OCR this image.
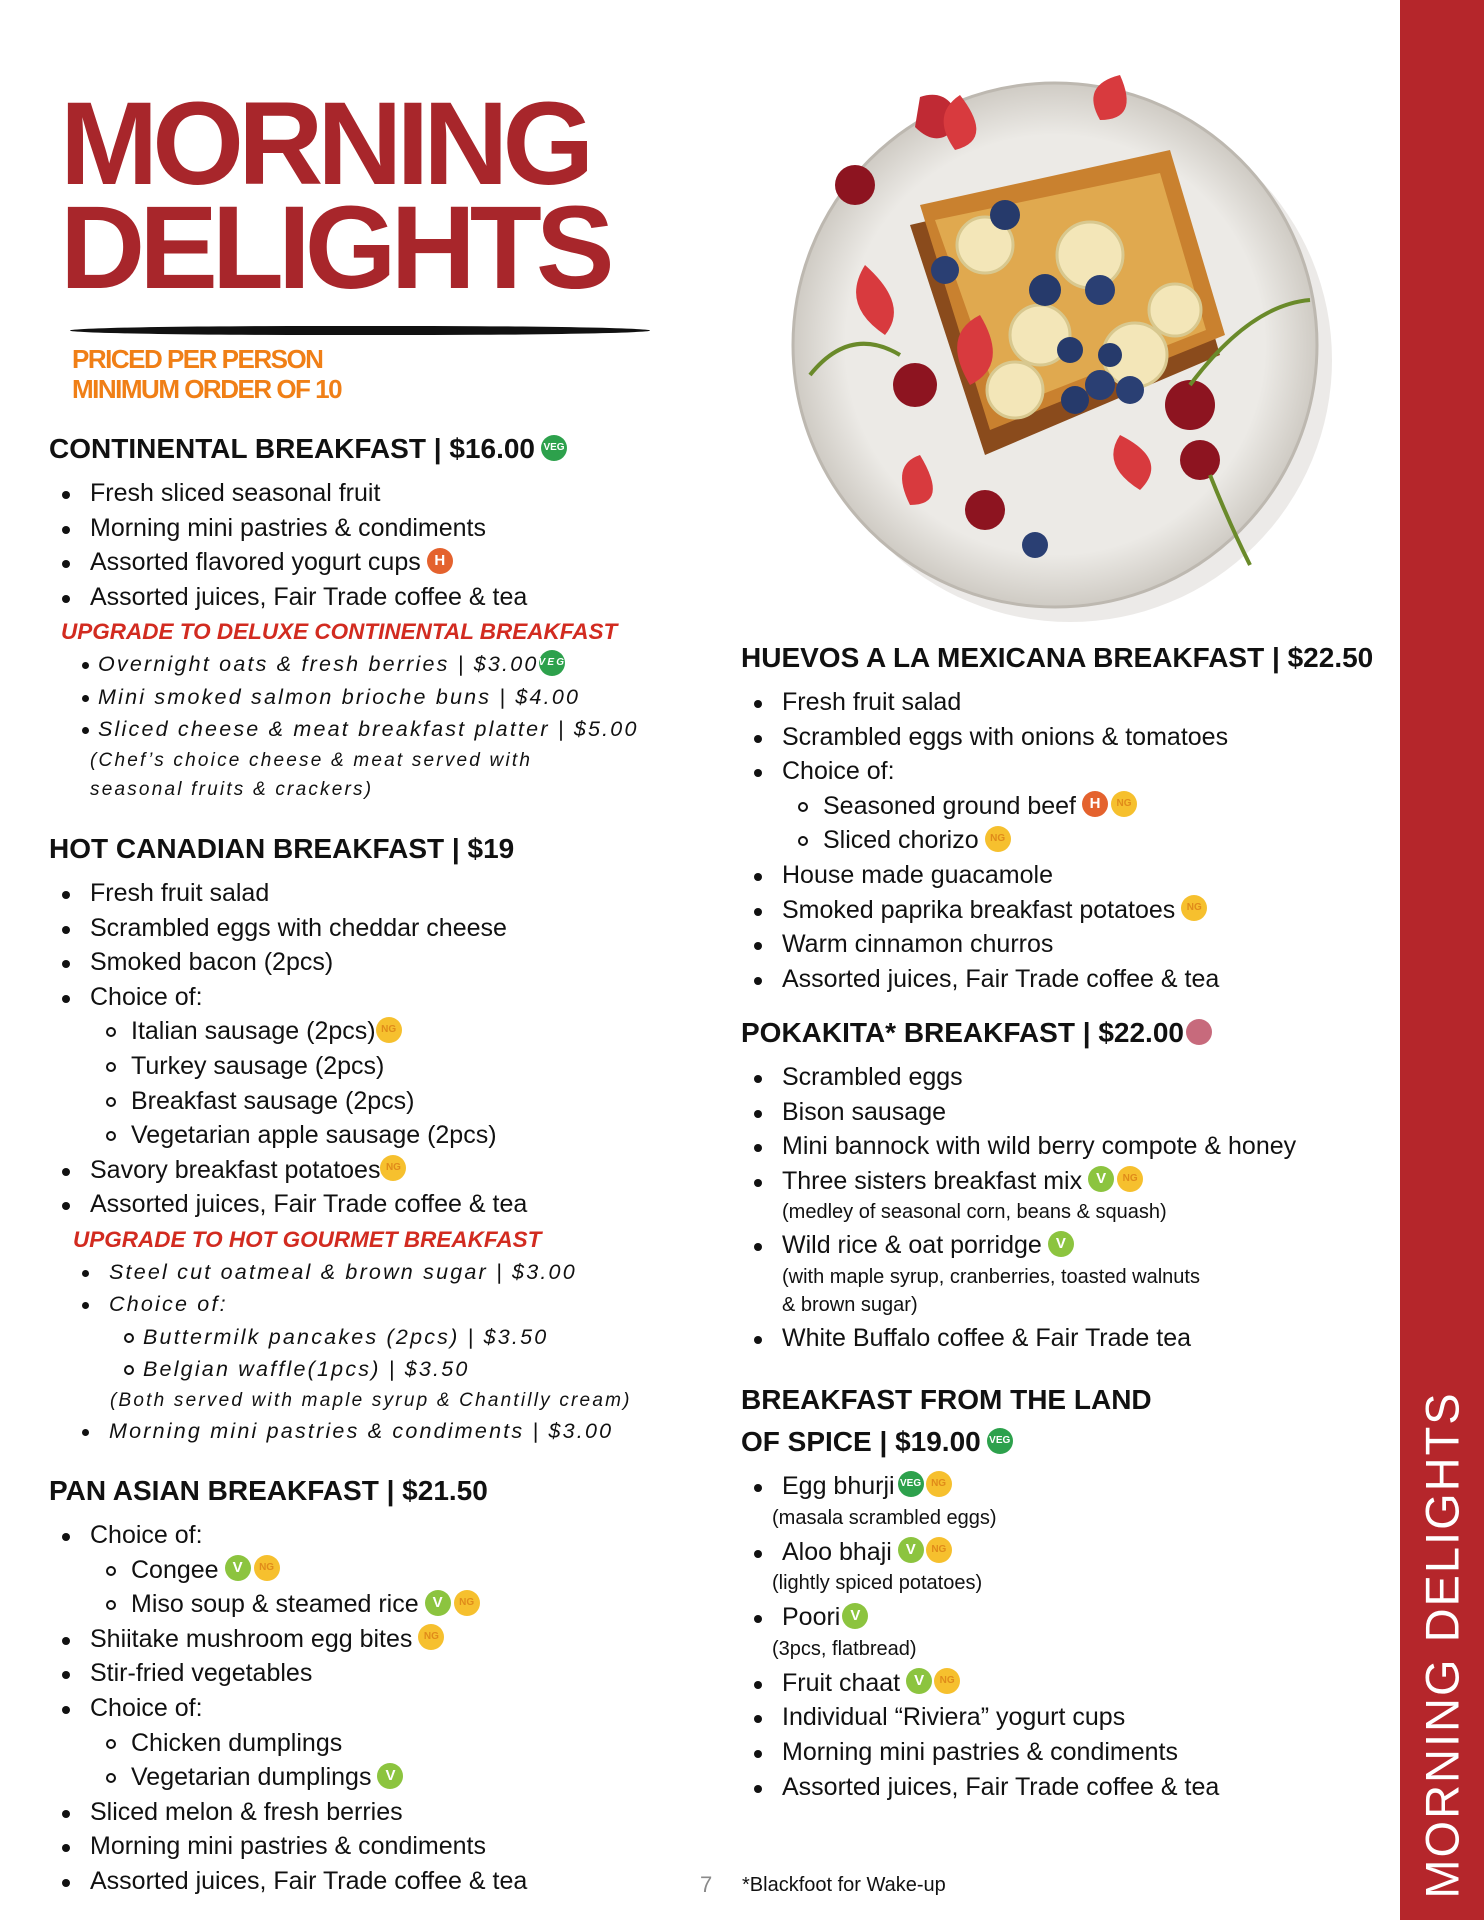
MORNING DELIGHTS
MORNING
DELIGHTS
PRICED PER PERSON
MINIMUM ORDER OF 10
CONTINENTAL BREAKFAST | $16.00 VEG
Fresh sliced seasonal fruit
Morning mini pastries & condiments
Assorted flavored yogurt cups H
Assorted juices, Fair Trade coffee & tea
UPGRADE TO DELUXE CONTINENTAL BREAKFAST
Overnight oats & fresh berries | $3.00VEG
Mini smoked salmon brioche buns | $4.00
Sliced cheese & meat breakfast platter | $5.00
(Chef’s choice cheese & meat served with
seasonal fruits & crackers)
HOT CANADIAN BREAKFAST | $19
Fresh fruit salad
Scrambled eggs with cheddar cheese
Smoked bacon (2pcs)
Choice of:
Italian sausage (2pcs) NG
Turkey sausage (2pcs)
Breakfast sausage (2pcs)
Vegetarian apple sausage (2pcs)
Savory breakfast potatoes NG
Assorted juices, Fair Trade coffee & tea
UPGRADE TO HOT GOURMET BREAKFAST
Steel cut oatmeal & brown sugar | $3.00
Choice of:
Buttermilk pancakes (2pcs) | $3.50
Belgian waffle(1pcs) | $3.50
(Both served with maple syrup & Chantilly cream)
Morning mini pastries & condiments | $3.00
PAN ASIAN BREAKFAST | $21.50
Choice of:
Congee V NG
Miso soup & steamed rice V NG
Shiitake mushroom egg bites NG
Stir-fried vegetables
Choice of:
Chicken dumplings
Vegetarian dumplings V
Sliced melon & fresh berries
Morning mini pastries & condiments
Assorted juices, Fair Trade coffee & tea
HUEVOS A LA MEXICANA BREAKFAST | $22.50
Fresh fruit salad
Scrambled eggs with onions & tomatoes
Choice of:
Seasoned ground beef H NG
Sliced chorizo NG
House made guacamole
Smoked paprika breakfast potatoes NG
Warm cinnamon churros
Assorted juices, Fair Trade coffee & tea
POKAKITA* BREAKFAST | $22.00
Scrambled eggs
Bison sausage
Mini bannock with wild berry compote & honey
Three sisters breakfast mix V NG
(medley of seasonal corn, beans & squash)
Wild rice & oat porridge V
(with maple syrup, cranberries, toasted walnuts
& brown sugar)
White Buffalo coffee & Fair Trade tea
BREAKFAST FROM THE LAND
OF SPICE | $19.00 VEG
Egg bhurji VEG NG
(masala scrambled eggs)
Aloo bhaji V NG
(lightly spiced potatoes)
Poori V
(3pcs, flatbread)
Fruit chaat V NG
Individual “Riviera” yogurt cups
Morning mini pastries & condiments
Assorted juices, Fair Trade coffee & tea
7 *Blackfoot for Wake-up
